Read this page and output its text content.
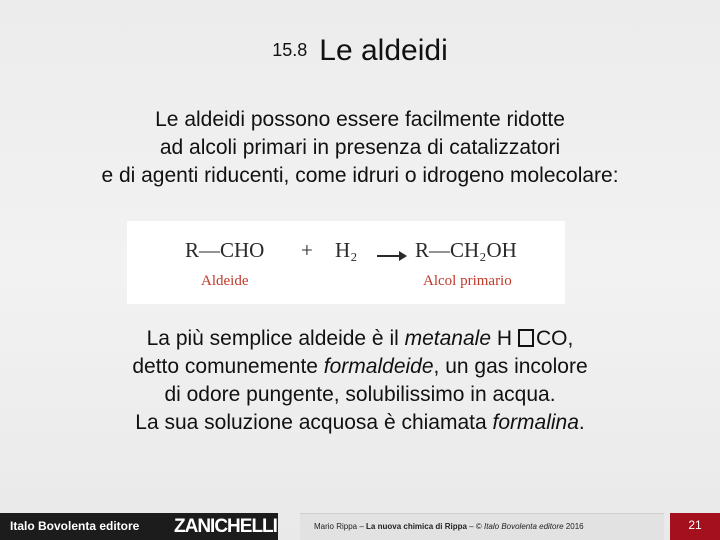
15.8 Le aldeidi
Le aldeidi possono essere facilmente ridotte
ad alcoli primari in presenza di catalizzatori
e di agenti riducenti, come idruri o idrogeno molecolare:
R—CHO + H₂	R—CH₂OH
Aldeide	Alcol primario
La più semplice aldeide è il metanale H CO,
detto comunemente formaldeide, un gas incolore
di odore pungente, solubilissimo in acqua.
La sua soluzione acquosa è chiamata formalina.
Italo Bovolenta editore ZANICHELLI	Mario Rippa – La nuova chimica di Rippa – © Italo Bovolenta editore 2016	21
